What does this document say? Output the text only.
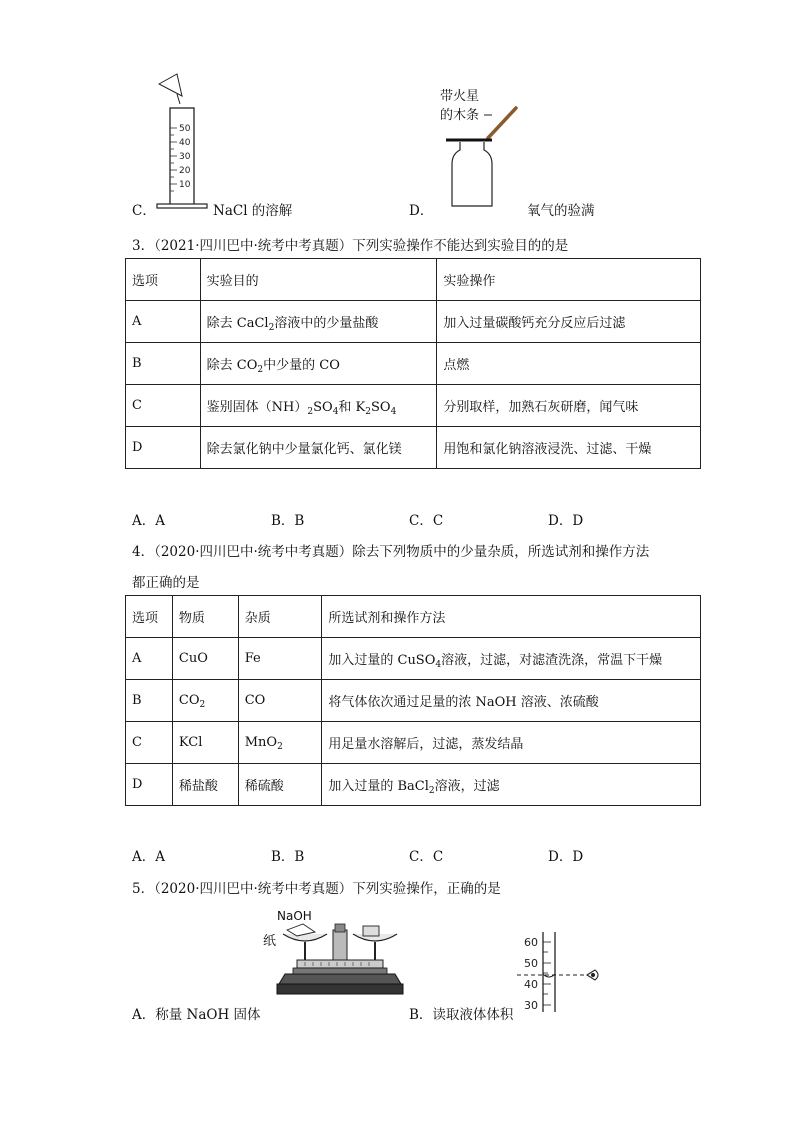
50
40
30
20
10
C．	NaCl 的溶解
带火星
的木条
D．	氧气的验满
3．（2021·四川巴中·统考中考真题）下列实验操作不能达到实验目的的是
选项	实验目的	实验操作
A	除去 CaCl$_2$溶液中的少量盐酸	加入过量碳酸钙充分反应后过滤
B	除去 $CO_2$中少量的 CO	点燃
C	鉴别固体$(NH)_2SO_4$和 $K_2SO_4$	分别取样，加熟石灰研磨，闻气味
D	除去氯化钠中少量氯化钙、氯化镁	用饱和氯化钠溶液浸洗、过滤、干燥
A．A	B．B	C．C	D．D
4．（2020·四川巴中·统考中考真题）除去下列物质中的少量杂质，所选试剂和操作方法
都正确的是
选项	物质	杂质	所选试剂和操作方法
A	CuO	Fe	加入过量的 CuSO$_4$溶液，过滤，对滤渣洗涤，常温下干燥
B	$CO_2$	CO	将气体依次通过足量的浓 NaOH 溶液、浓硫酸
C	KCl	MnO$_2$	用足量水溶解后，过滤，蒸发结晶
D	稀盐酸	稀硫酸	加入过量的 BaCl$_2$溶液，过滤
A．A	B．B	C．C	D．D
5．（2020·四川巴中·统考中考真题）下列实验操作，正确的是
NaOH
纸
A．称量 NaOH 固体
60
50
40
30
B．读取液体体积
